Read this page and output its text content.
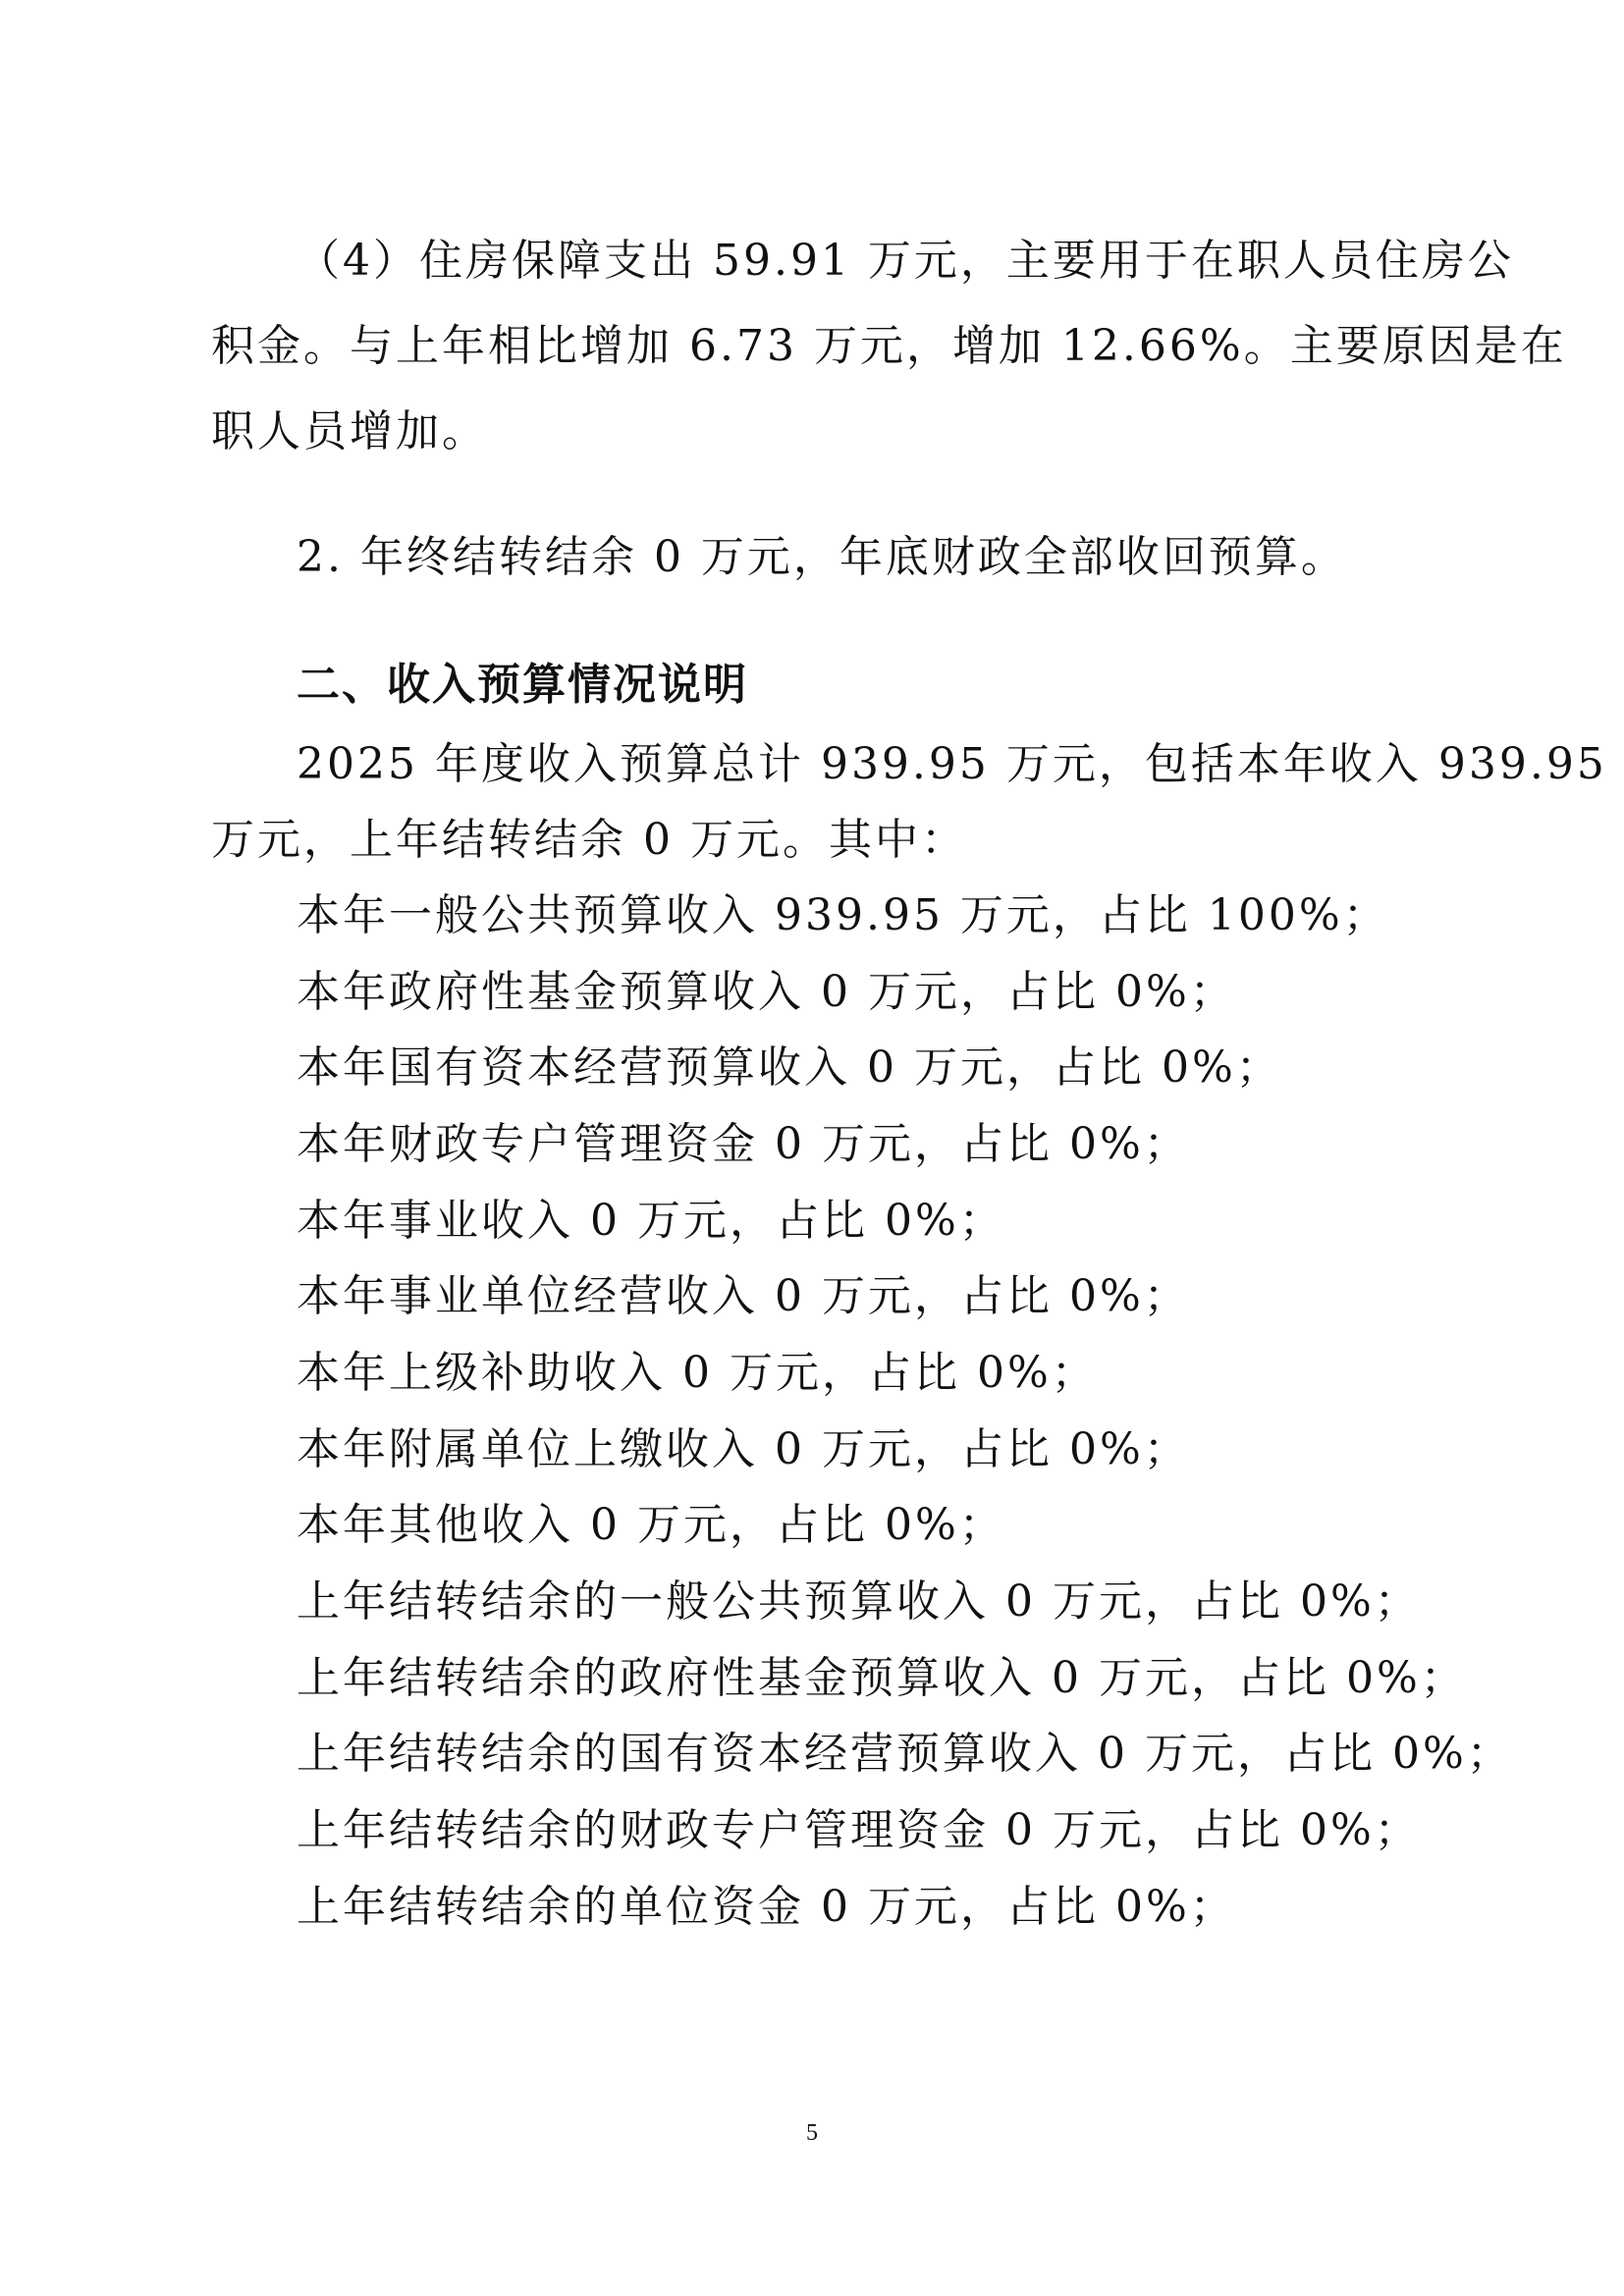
（4）住房保障支出 59.91 万元，主要用于在职人员住房公
积金。与上年相比增加 6.73 万元，增加 12.66%。主要原因是在
职人员增加。
2. 年终结转结余 0 万元，年底财政全部收回预算。
二、收入预算情况说明
2025 年度收入预算总计 939.95 万元，包括本年收入 939.95
万元，上年结转结余 0 万元。其中：
本年一般公共预算收入 939.95 万元，占比 100%；
本年政府性基金预算收入 0 万元，占比 0%；
本年国有资本经营预算收入 0 万元，占比 0%；
本年财政专户管理资金 0 万元，占比 0%；
本年事业收入 0 万元，占比 0%；
本年事业单位经营收入 0 万元，占比 0%；
本年上级补助收入 0 万元，占比 0%；
本年附属单位上缴收入 0 万元，占比 0%；
本年其他收入 0 万元，占比 0%；
上年结转结余的一般公共预算收入 0 万元，占比 0%；
上年结转结余的政府性基金预算收入 0 万元，占比 0%；
上年结转结余的国有资本经营预算收入 0 万元，占比 0%；
上年结转结余的财政专户管理资金 0 万元，占比 0%；
上年结转结余的单位资金 0 万元，占比 0%；
5
